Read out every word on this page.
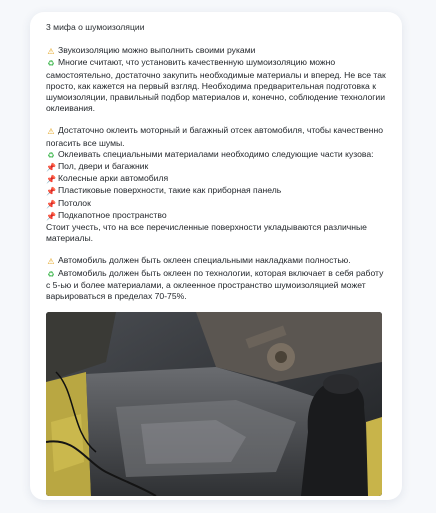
3 мифа о шумоизоляции
⚠ Звукоизоляцию можно выполнить своими руками
♻ Многие считают, что установить качественную шумоизоляцию можно самостоятельно, достаточно закупить необходимые материалы и вперед. Не все так просто, как кажется на первый взгляд. Необходима предварительная подготовка к шумоизоляции, правильный подбор материалов и, конечно, соблюдение технологии оклеивания.
⚠ Достаточно оклеить моторный и багажный отсек автомобиля, чтобы качественно погасить все шумы.
♻ Оклеивать специальными материалами необходимо следующие части кузова:
📌 Пол, двери и багажник
📌 Колесные арки автомобиля
📌 Пластиковые поверхности, такие как приборная панель
📌 Потолок
📌 Подкапотное пространство
Стоит учесть, что на все перечисленные поверхности укладываются различные материалы.
⚠ Автомобиль должен быть оклеен специальными накладками полностью.
♻ Автомобиль должен быть оклеен по технологии, которая включает в себя работу с 5-ью и более материалами, а оклеенное пространство шумоизоляцией может варьироваться в пределах 70-75%.
